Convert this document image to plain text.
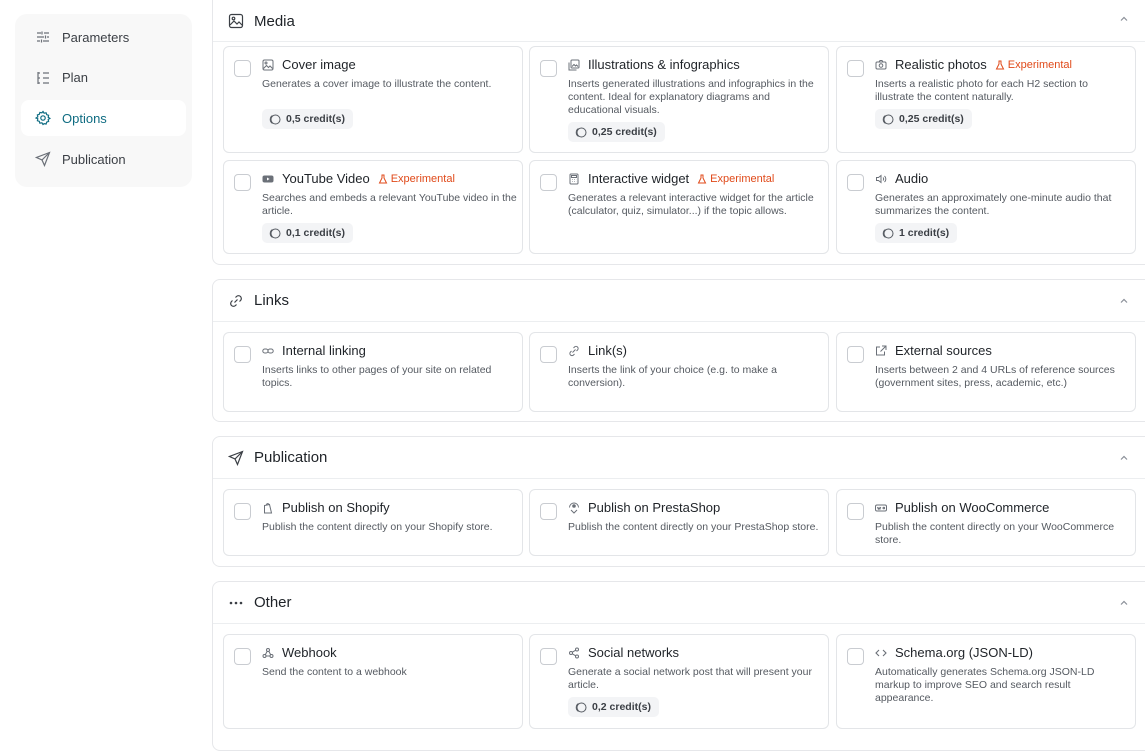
Parameters
Plan
Options
Publication
Media
Cover image
Generates a cover image to illustrate the content.
0,5 credit(s)
Illustrations & infographics
Inserts generated illustrations and infographics in the content. Ideal for explanatory diagrams and educational visuals.
0,25 credit(s)
Realistic photos Experimental
Inserts a realistic photo for each H2 section to illustrate the content naturally.
0,25 credit(s)
YouTube Video Experimental
Searches and embeds a relevant YouTube video in the article.
0,1 credit(s)
Interactive widget Experimental
Generates a relevant interactive widget for the article (calculator, quiz, simulator...) if the topic allows.
Audio
Generates an approximately one-minute audio that summarizes the content.
1 credit(s)
Links
Internal linking
Inserts links to other pages of your site on related topics.
Link(s)
Inserts the link of your choice (e.g. to make a conversion).
External sources
Inserts between 2 and 4 URLs of reference sources (government sites, press, academic, etc.)
Publication
Publish on Shopify
Publish the content directly on your Shopify store.
Publish on PrestaShop
Publish the content directly on your PrestaShop store.
Publish on WooCommerce
Publish the content directly on your WooCommerce store.
Other
Webhook
Send the content to a webhook
Social networks
Generate a social network post that will present your article.
0,2 credit(s)
Schema.org (JSON-LD)
Automatically generates Schema.org JSON-LD markup to improve SEO and search result appearance.
